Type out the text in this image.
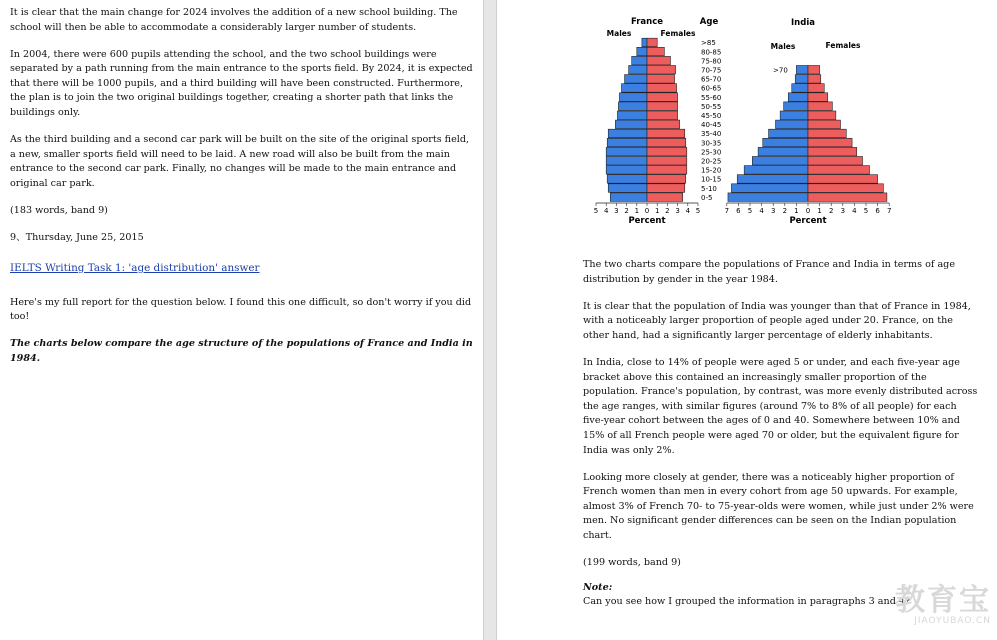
It is clear that the main change for 2024 involves the addition of a new school building. The school will then be able to accommodate a considerably larger number of students.

In 2004, there were 600 pupils attending the school, and the two school buildings were separated by a path running from the main entrance to the sports field. By 2024, it is expected that there will be 1000 pupils, and a third building will have been constructed. Furthermore, the plan is to join the two original buildings together, creating a shorter path that links the buildings only.

As the third building and a second car park will be built on the site of the original sports field, a new, smaller sports field will need to be laid. A new road will also be built from the main entrance to the second car park. Finally, no changes will be made to the main entrance and original car park.

(183 words, band 9)

9、Thursday, June 25, 2015

IELTS Writing Task 1: 'age distribution' answer

Here's my full report for the question below. I found this one difficult, so don't worry if you did too!

The charts below compare the age structure of the populations of France and India in 1984.

0-5
5-10
10-15
15-20
20-25
25-30
30-35
35-40
40-45
45-50
50-55
55-60
60-65
65-70
70-75
75-80
80-85
>85
5 4 3 2 1 0 1 2 3 4 5
Percent
>70
7 6 5 4 3 2 1 0 1 2 3 4 5 6 7
Percent
France	Age
Males	Females
India
Males	Females

The two charts compare the populations of France and India in terms of age distribution by gender in the year 1984.

It is clear that the population of India was younger than that of France in 1984, with a noticeably larger proportion of people aged under 20. France, on the other hand, had a significantly larger percentage of elderly inhabitants.

In India, close to 14% of people were aged 5 or under, and each five-year age bracket above this contained an increasingly smaller proportion of the population. France's population, by contrast, was more evenly distributed across the age ranges, with similar figures (around 7% to 8% of all people) for each five-year cohort between the ages of 0 and 40. Somewhere between 10% and 15% of all French people were aged 70 or older, but the equivalent figure for India was only 2%.

Looking more closely at gender, there was a noticeably higher proportion of French women than men in every cohort from age 50 upwards. For example, almost 3% of French 70- to 75-year-olds were women, while just under 2% were men. No significant gender differences can be seen on the Indian population chart.

(199 words, band 9)

Note:

Can you see how I grouped the information in paragraphs 3 and 4?

教育宝
JIAOYUBAO.CN
